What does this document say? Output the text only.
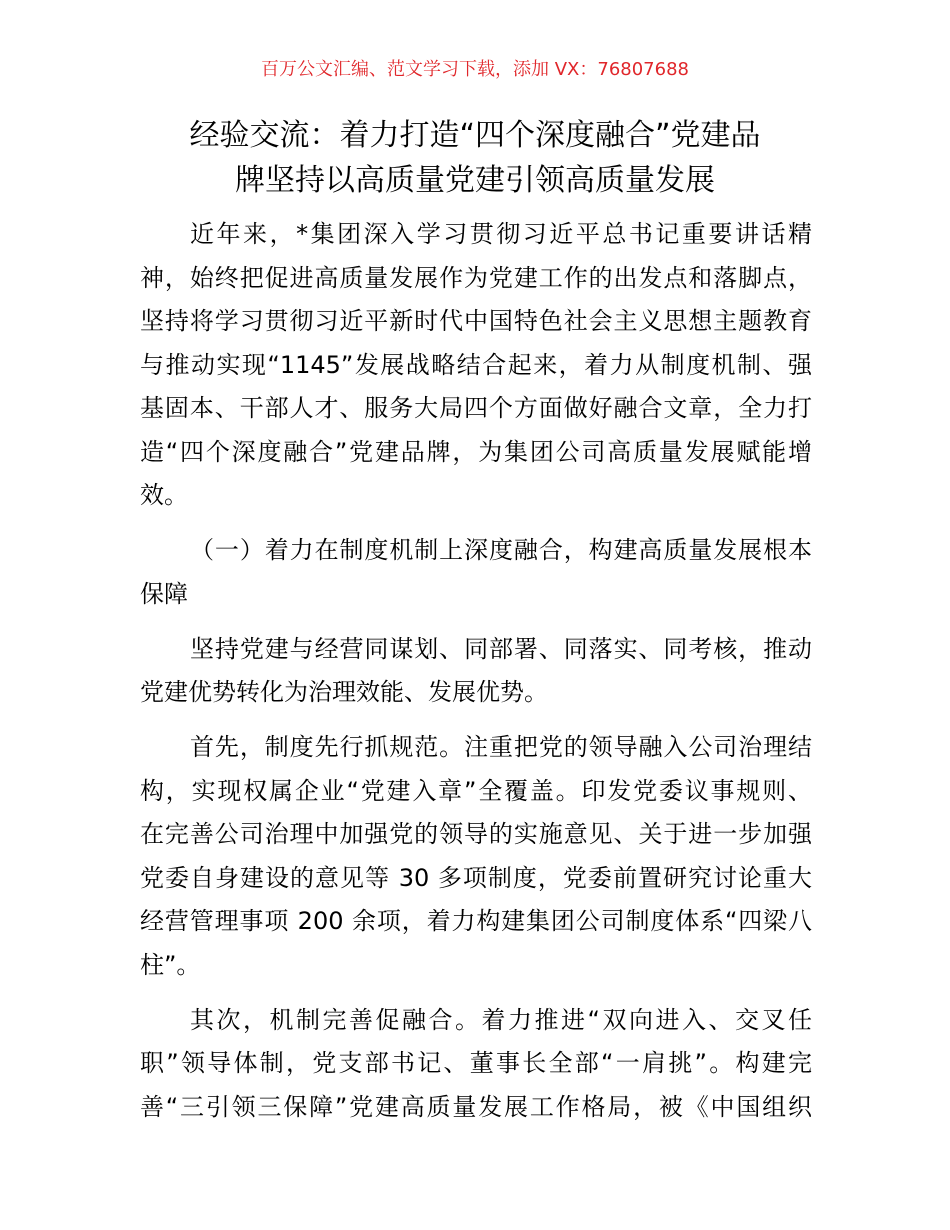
百万公文汇编、范文学习下载，添加 VX：76807688
经验交流：着力打造“四个深度融合”党建品
牌坚持以高质量党建引领高质量发展
近年来，*集团深入学习贯彻习近平总书记重要讲话精
神，始终把促进高质量发展作为党建工作的出发点和落脚点，
坚持将学习贯彻习近平新时代中国特色社会主义思想主题教育
与推动实现“1145”发展战略结合起来，着力从制度机制、强
基固本、干部人才、服务大局四个方面做好融合文章，全力打
造“四个深度融合”党建品牌，为集团公司高质量发展赋能增
效。
（一）着力在制度机制上深度融合，构建高质量发展根本
保障
坚持党建与经营同谋划、同部署、同落实、同考核，推动
党建优势转化为治理效能、发展优势。
首先，制度先行抓规范。注重把党的领导融入公司治理结
构，实现权属企业“党建入章”全覆盖。印发党委议事规则、
在完善公司治理中加强党的领导的实施意见、关于进一步加强
党委自身建设的意见等 30 多项制度，党委前置研究讨论重大
经营管理事项 200 余项，着力构建集团公司制度体系“四梁八
柱”。
其次，机制完善促融合。着力推进“双向进入、交叉任
职”领导体制，党支部书记、董事长全部“一肩挑”。构建完
善“三引领三保障”党建高质量发展工作格局，被《中国组织
